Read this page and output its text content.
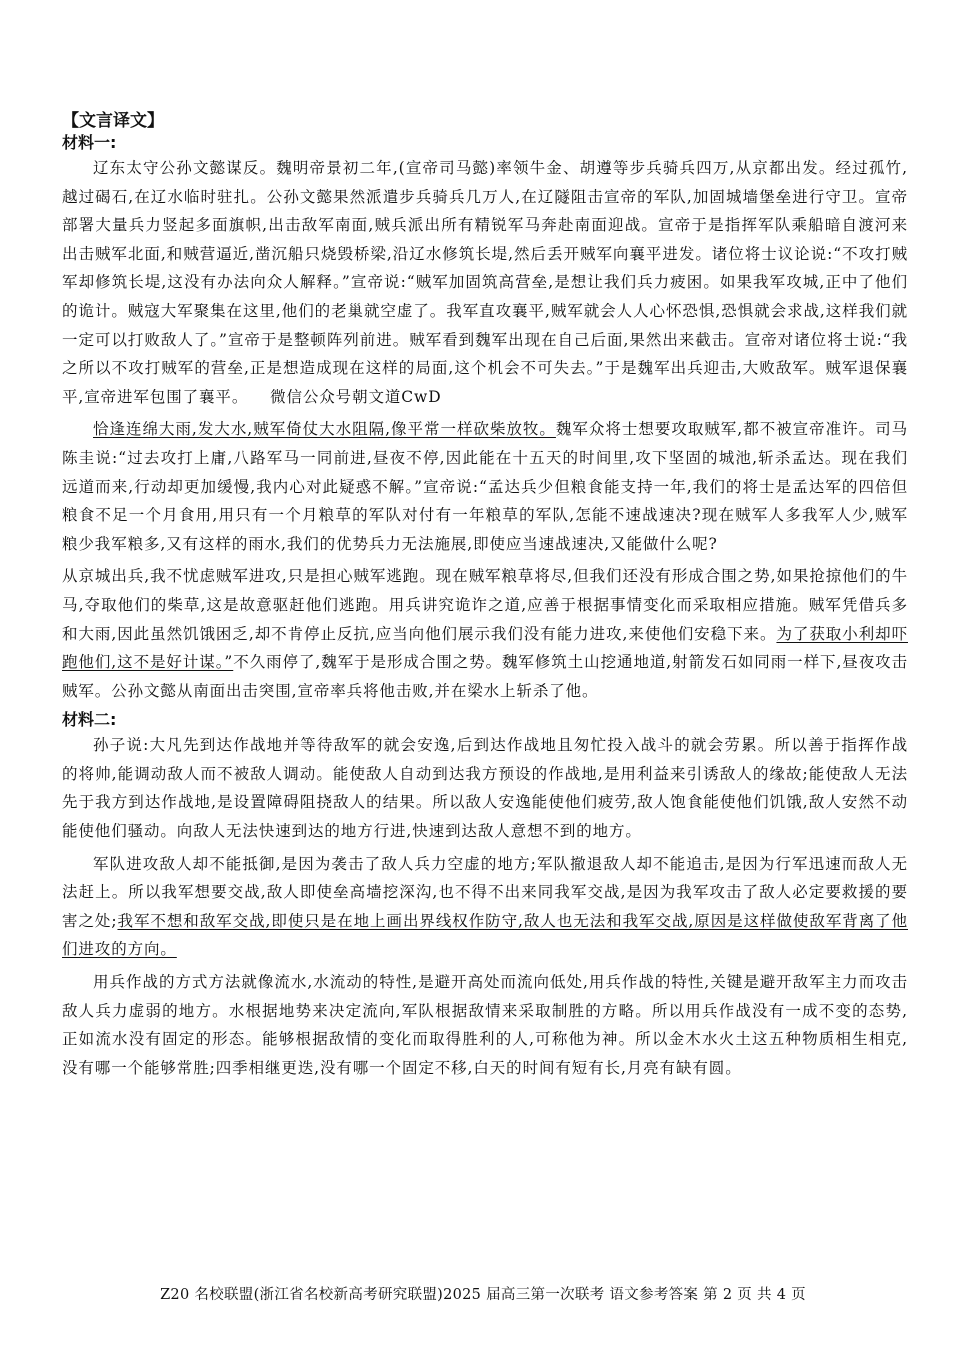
【文言译文】
材料一:

辽东太守公孙文懿谋反。魏明帝景初二年,(宣帝司马懿)率领牛金、胡遵等步兵骑兵四万,从京都出发。经过孤竹,越过碣石,在辽水临时驻扎。公孙文懿果然派遣步兵骑兵几万人,在辽隧阻击宣帝的军队,加固城墙堡垒进行守卫。宣帝部署大量兵力竖起多面旗帜,出击敌军南面,贼兵派出所有精锐军马奔赴南面迎战。宣帝于是指挥军队乘船暗自渡河来出击贼军北面,和贼营逼近,凿沉船只烧毁桥梁,沿辽水修筑长堤,然后丢开贼军向襄平进发。诸位将士议论说:“不攻打贼军却修筑长堤,这没有办法向众人解释。”宣帝说:“贼军加固筑高营垒,是想让我们兵力疲困。如果我军攻城,正中了他们的诡计。贼寇大军聚集在这里,他们的老巢就空虚了。我军直攻襄平,贼军就会人人心怀恐惧,恐惧就会求战,这样我们就一定可以打败敌人了。”宣帝于是整顿阵列前进。贼军看到魏军出现在自己后面,果然出来截击。宣帝对诸位将士说:“我之所以不攻打贼军的营垒,正是想造成现在这样的局面,这个机会不可失去。”于是魏军出兵迎击,大败敌军。贼军退保襄平,宣帝进军包围了襄平。 微信公众号朝文道CwD

恰逢连绵大雨,发大水,贼军倚仗大水阻隔,像平常一样砍柴放牧。魏军众将士想要攻取贼军,都不被宣帝准许。司马陈圭说:“过去攻打上庸,八路军马一同前进,昼夜不停,因此能在十五天的时间里,攻下坚固的城池,斩杀孟达。现在我们远道而来,行动却更加缓慢,我内心对此疑惑不解。”宣帝说:“孟达兵少但粮食能支持一年,我们的将士是孟达军的四倍但粮食不足一个月食用,用只有一个月粮草的军队对付有一年粮草的军队,怎能不速战速决?现在贼军人多我军人少,贼军粮少我军粮多,又有这样的雨水,我们的优势兵力无法施展,即使应当速战速决,又能做什么呢?

从京城出兵,我不忧虑贼军进攻,只是担心贼军逃跑。现在贼军粮草将尽,但我们还没有形成合围之势,如果抢掠他们的牛马,夺取他们的柴草,这是故意驱赶他们逃跑。用兵讲究诡诈之道,应善于根据事情变化而采取相应措施。贼军凭借兵多和大雨,因此虽然饥饿困乏,却不肯停止反抗,应当向他们展示我们没有能力进攻,来使他们安稳下来。为了获取小利却吓跑他们,这不是好计谋。”不久雨停了,魏军于是形成合围之势。魏军修筑土山挖通地道,射箭发石如同雨一样下,昼夜攻击贼军。公孙文懿从南面出击突围,宣帝率兵将他击败,并在梁水上斩杀了他。

材料二:

孙子说:大凡先到达作战地并等待敌军的就会安逸,后到达作战地且匆忙投入战斗的就会劳累。所以善于指挥作战的将帅,能调动敌人而不被敌人调动。能使敌人自动到达我方预设的作战地,是用利益来引诱敌人的缘故;能使敌人无法先于我方到达作战地,是设置障碍阻挠敌人的结果。所以敌人安逸能使他们疲劳,敌人饱食能使他们饥饿,敌人安然不动能使他们骚动。向敌人无法快速到达的地方行进,快速到达敌人意想不到的地方。

军队进攻敌人却不能抵御,是因为袭击了敌人兵力空虚的地方;军队撤退敌人却不能追击,是因为行军迅速而敌人无法赶上。所以我军想要交战,敌人即使垒高墙挖深沟,也不得不出来同我军交战,是因为我军攻击了敌人必定要救援的要害之处;我军不想和敌军交战,即使只是在地上画出界线权作防守,敌人也无法和我军交战,原因是这样做使敌军背离了他们进攻的方向。

用兵作战的方式方法就像流水,水流动的特性,是避开高处而流向低处,用兵作战的特性,关键是避开敌军主力而攻击敌人兵力虚弱的地方。水根据地势来决定流向,军队根据敌情来采取制胜的方略。所以用兵作战没有一成不变的态势,正如流水没有固定的形态。能够根据敌情的变化而取得胜利的人,可称他为神。所以金木水火土这五种物质相生相克,没有哪一个能够常胜;四季相继更迭,没有哪一个固定不移,白天的时间有短有长,月亮有缺有圆。

Z20 名校联盟(浙江省名校新高考研究联盟)2025 届高三第一次联考 语文参考答案 第 2 页 共 4 页
